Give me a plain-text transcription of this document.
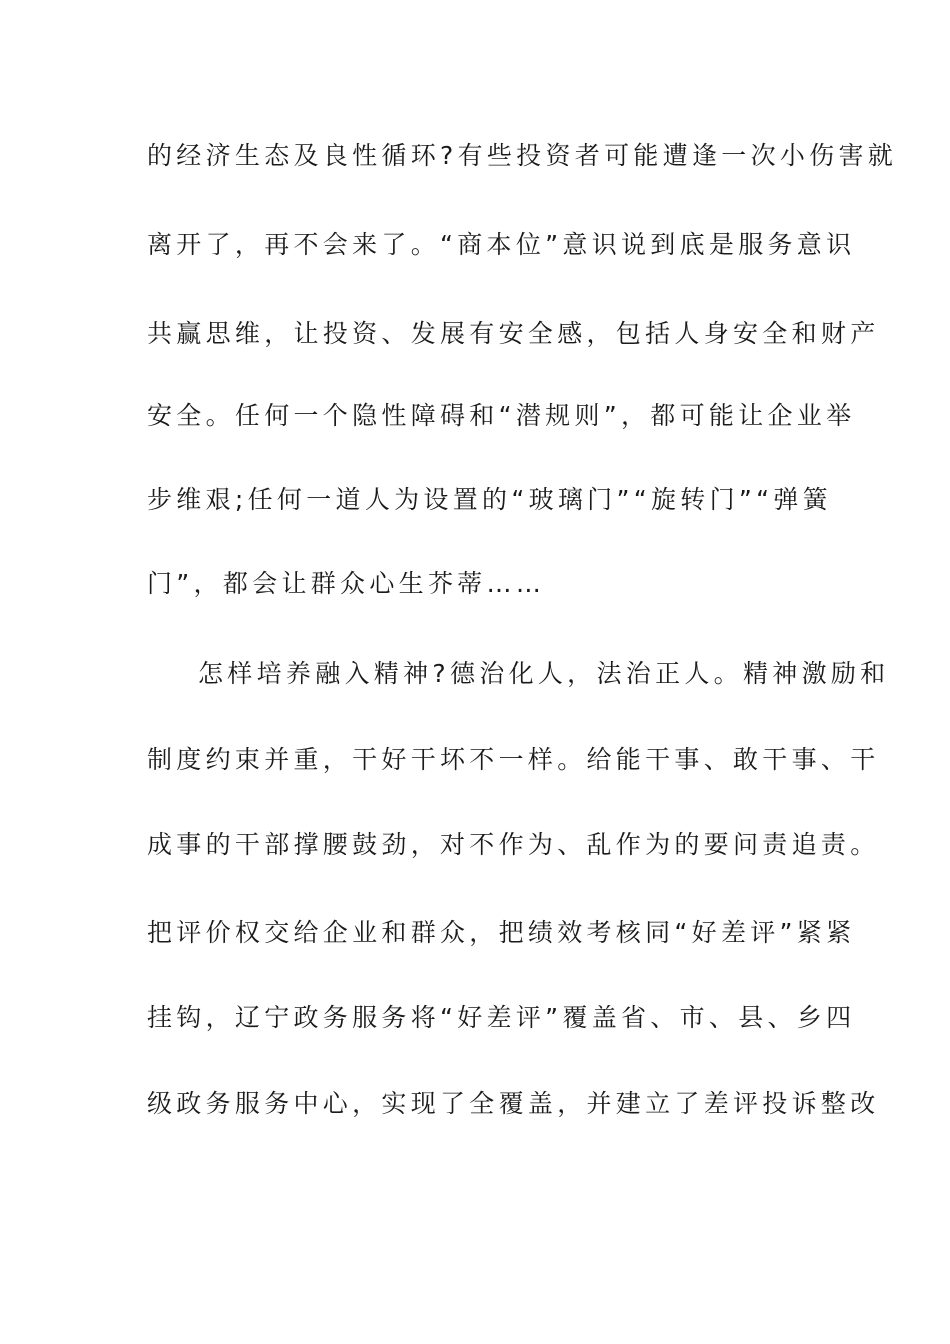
的经济生态及良性循环?有些投资者可能遭逢一次小伤害就
离开了，再不会来了。“商本位”意识说到底是服务意识
共赢思维，让投资、发展有安全感，包括人身安全和财产
安全。任何一个隐性障碍和“潜规则”，都可能让企业举
步维艰;任何一道人为设置的“玻璃门”“旋转门”“弹簧
门”，都会让群众心生芥蒂……
怎样培养融入精神?德治化人，法治正人。精神激励和
制度约束并重，干好干坏不一样。给能干事、敢干事、干
成事的干部撑腰鼓劲，对不作为、乱作为的要问责追责。
把评价权交给企业和群众，把绩效考核同“好差评”紧紧
挂钩，辽宁政务服务将“好差评”覆盖省、市、县、乡四
级政务服务中心，实现了全覆盖，并建立了差评投诉整改
